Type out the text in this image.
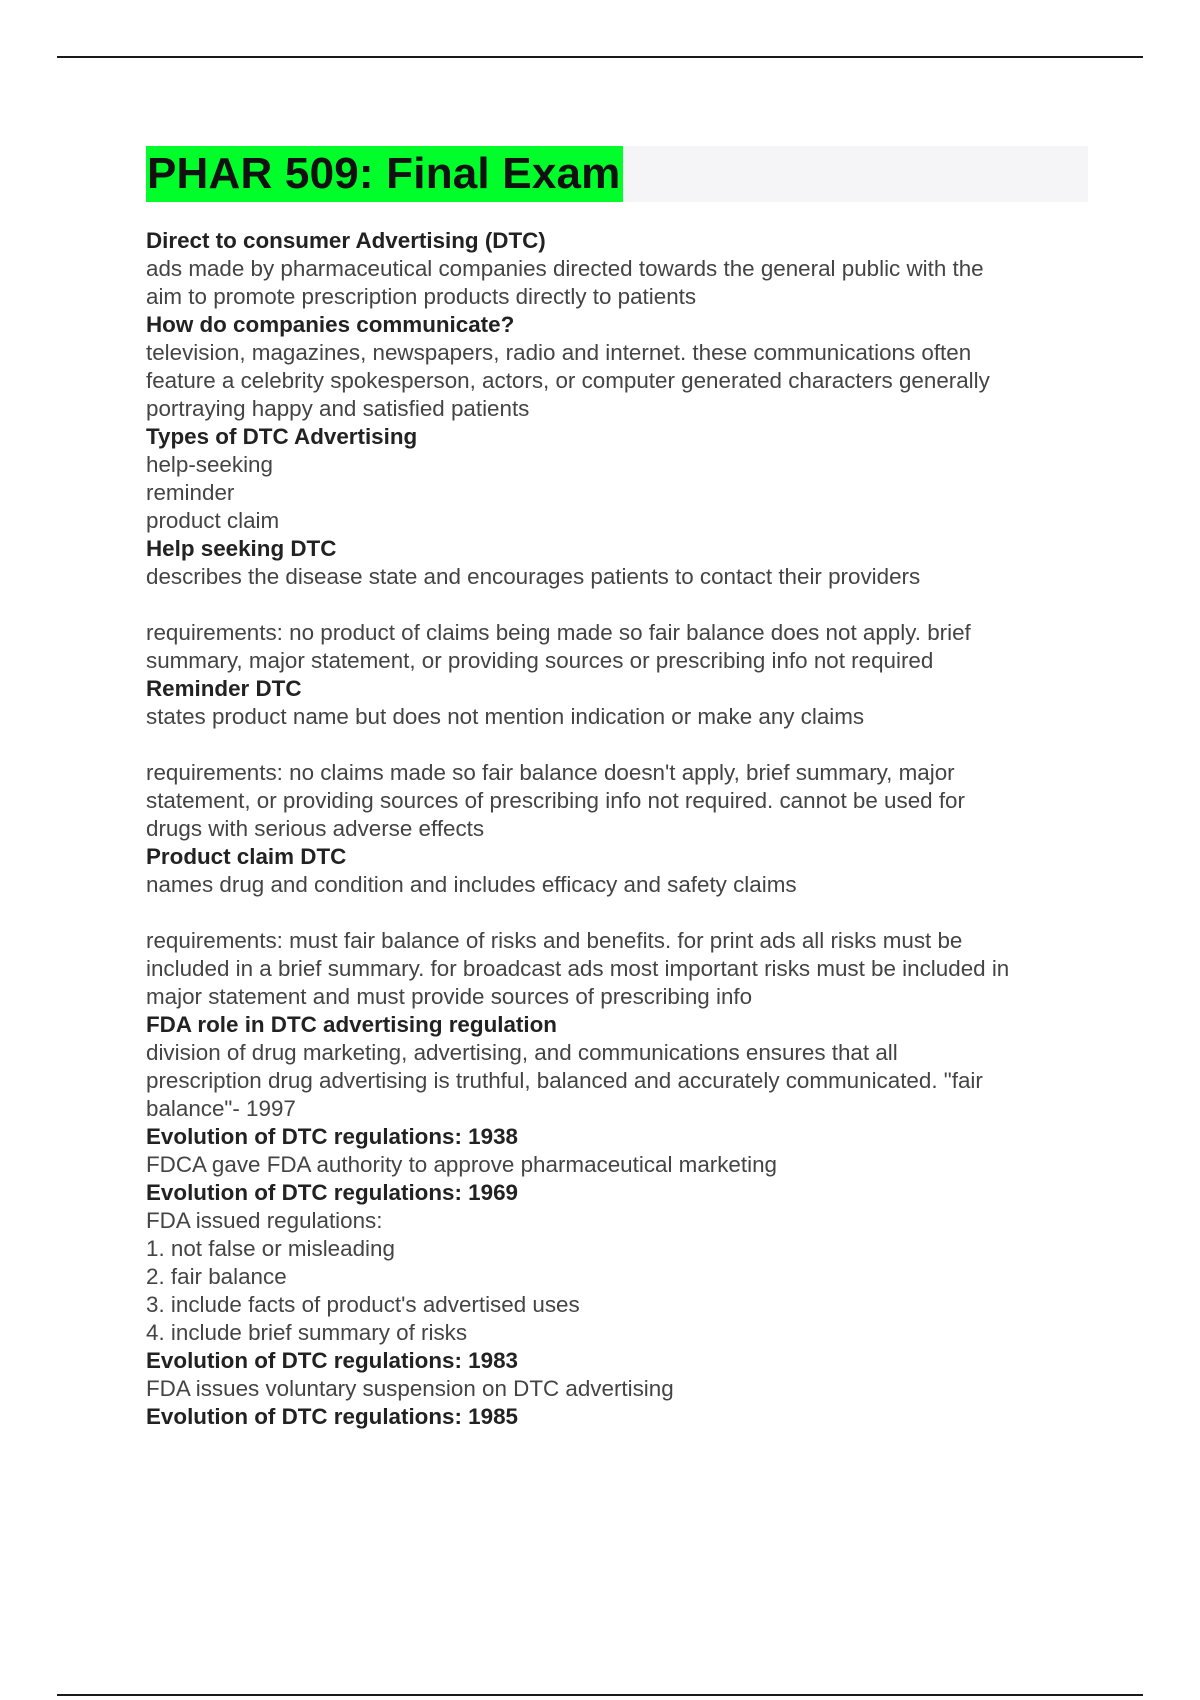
PHAR 509: Final Exam
Direct to consumer Advertising (DTC)
ads made by pharmaceutical companies directed towards the general public with the
aim to promote prescription products directly to patients
How do companies communicate?
television, magazines, newspapers, radio and internet. these communications often
feature a celebrity spokesperson, actors, or computer generated characters generally
portraying happy and satisfied patients
Types of DTC Advertising
help-seeking
reminder
product claim
Help seeking DTC
describes the disease state and encourages patients to contact their providers
requirements: no product of claims being made so fair balance does not apply. brief
summary, major statement, or providing sources or prescribing info not required
Reminder DTC
states product name but does not mention indication or make any claims
requirements: no claims made so fair balance doesn't apply, brief summary, major
statement, or providing sources of prescribing info not required. cannot be used for
drugs with serious adverse effects
Product claim DTC
names drug and condition and includes efficacy and safety claims
requirements: must fair balance of risks and benefits. for print ads all risks must be
included in a brief summary. for broadcast ads most important risks must be included in
major statement and must provide sources of prescribing info
FDA role in DTC advertising regulation
division of drug marketing, advertising, and communications ensures that all
prescription drug advertising is truthful, balanced and accurately communicated. "fair
balance"- 1997
Evolution of DTC regulations: 1938
FDCA gave FDA authority to approve pharmaceutical marketing
Evolution of DTC regulations: 1969
FDA issued regulations:
1. not false or misleading
2. fair balance
3. include facts of product's advertised uses
4. include brief summary of risks
Evolution of DTC regulations: 1983
FDA issues voluntary suspension on DTC advertising
Evolution of DTC regulations: 1985
